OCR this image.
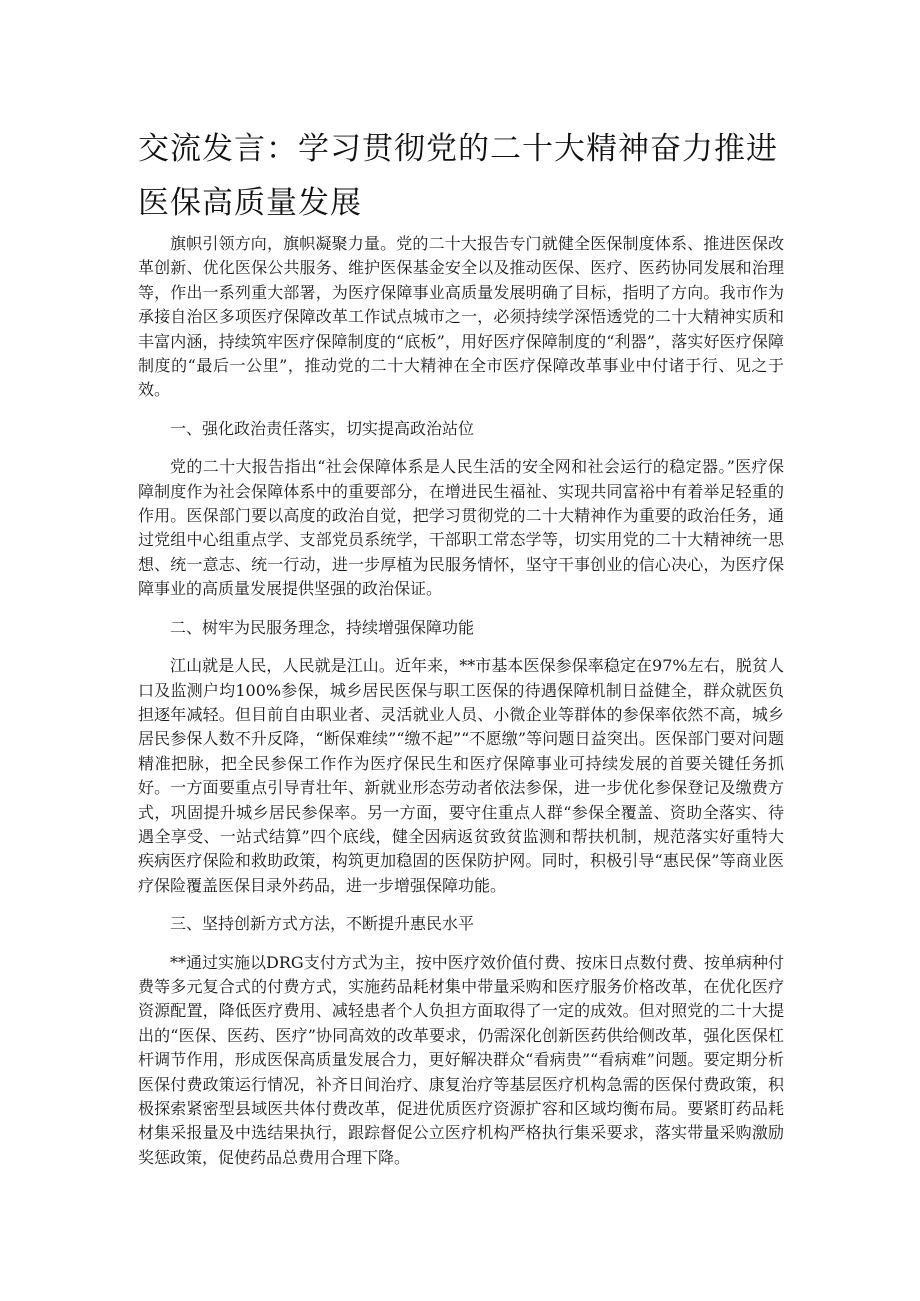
交流发言：学习贯彻党的二十大精神奋力推进医保高质量发展

旗帜引领方向，旗帜凝聚力量。党的二十大报告专门就健全医保制度体系、推进医保改革创新、优化医保公共服务、维护医保基金安全以及推动医保、医疗、医药协同发展和治理等，作出一系列重大部署，为医疗保障事业高质量发展明确了目标，指明了方向。我市作为承接自治区多项医疗保障改革工作试点城市之一，必须持续学深悟透党的二十大精神实质和丰富内涵，持续筑牢医疗保障制度的“底板”，用好医疗保障制度的“利器”，落实好医疗保障制度的“最后一公里”，推动党的二十大精神在全市医疗保障改革事业中付诸于行、见之于效。

一、强化政治责任落实，切实提高政治站位

党的二十大报告指出“社会保障体系是人民生活的安全网和社会运行的稳定器。”医疗保障制度作为社会保障体系中的重要部分，在增进民生福祉、实现共同富裕中有着举足轻重的作用。医保部门要以高度的政治自觉，把学习贯彻党的二十大精神作为重要的政治任务，通过党组中心组重点学、支部党员系统学，干部职工常态学等，切实用党的二十大精神统一思想、统一意志、统一行动，进一步厚植为民服务情怀，坚守干事创业的信心决心，为医疗保障事业的高质量发展提供坚强的政治保证。

二、树牢为民服务理念，持续增强保障功能

江山就是人民，人民就是江山。近年来，**市基本医保参保率稳定在97%左右，脱贫人口及监测户均100%参保，城乡居民医保与职工医保的待遇保障机制日益健全，群众就医负担逐年减轻。但目前自由职业者、灵活就业人员、小微企业等群体的参保率依然不高，城乡居民参保人数不升反降，“断保难续”“缴不起”“不愿缴”等问题日益突出。医保部门要对问题精准把脉，把全民参保工作作为医疗保民生和医疗保障事业可持续发展的首要关键任务抓好。一方面要重点引导青壮年、新就业形态劳动者依法参保，进一步优化参保登记及缴费方式，巩固提升城乡居民参保率。另一方面，要守住重点人群“参保全覆盖、资助全落实、待遇全享受、一站式结算”四个底线，健全因病返贫致贫监测和帮扶机制，规范落实好重特大疾病医疗保险和救助政策，构筑更加稳固的医保防护网。同时，积极引导“惠民保”等商业医疗保险覆盖医保目录外药品，进一步增强保障功能。

三、坚持创新方式方法，不断提升惠民水平

**通过实施以DRG支付方式为主，按中医疗效价值付费、按床日点数付费、按单病种付费等多元复合式的付费方式，实施药品耗材集中带量采购和医疗服务价格改革，在优化医疗资源配置，降低医疗费用、减轻患者个人负担方面取得了一定的成效。但对照党的二十大提出的“医保、医药、医疗”协同高效的改革要求，仍需深化创新医药供给侧改革，强化医保杠杆调节作用，形成医保高质量发展合力，更好解决群众“看病贵”“看病难”问题。要定期分析医保付费政策运行情况，补齐日间治疗、康复治疗等基层医疗机构急需的医保付费政策，积极探索紧密型县域医共体付费改革，促进优质医疗资源扩容和区域均衡布局。要紧盯药品耗材集采报量及中选结果执行，跟踪督促公立医疗机构严格执行集采要求，落实带量采购激励奖惩政策，促使药品总费用合理下降。
